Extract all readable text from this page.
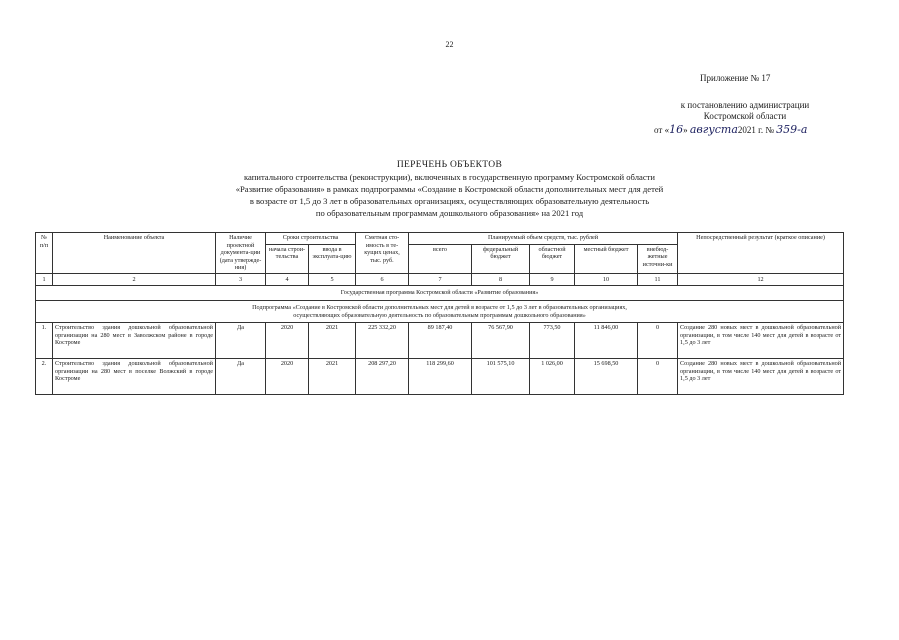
22
Приложение № 17
к постановлению администрации
Костромской области
от «16» августа2021 г. № 359-а
ПЕРЕЧЕНЬ ОБЪЕКТОВ
капитального строительства (реконструкции), включенных в государственную программу Костромской области
«Развитие образования» в рамках подпрограммы «Создание в Костромской области дополнительных мест для детей
в возрасте от 1,5 до 3 лет в образовательных организациях, осуществляющих образовательную деятельность
по образовательным программам дошкольного образования» на 2021 год
№ п/п	Наименование объекта	Наличие проектной документа-ции (дата утвержде-ния)	Сроки строительства		Сметная сто-имость в те-кущих ценах, тыс. руб.	Планируемый объем средств, тыс. рублей					Непосредственный результат (краткое описание)
			начала строи-тельства	ввода в эксплуата-цию		всего	федеральный бюджет	областной бюджет	местный бюджет	внебюд-жетные источни-ки	
1	2	3	4	5	6	7	8	9	10	11	12
Государственная программа Костромской области «Развитие образования»											

Подпрограмма «Создание в Костромской области дополнительных мест для детей в возрасте от 1,5 до 3 лет в образовательных организациях,
осуществляющих образовательную деятельность по образовательным программам дошкольного образования»											

1.	Строительство здания дошкольной образовательной организации на 280 мест в Заволжском районе в городе Костроме	Да	2020	2021	225 332,20	89 187,40	76 567,90	773,50	11 846,00	0	Создание 280 новых мест в дошкольной образовательной организации, в том числе 140 мест для детей в возрасте от 1,5 до 3 лет
2.	Строительство здания дошкольной образовательной организации на 280 мест в поселке Волжский в городе Костроме	Да	2020	2021	208 297,20	118 299,60	101 575,10	1 026,00	15 698,50	0	Создание 280 новых мест в дошкольной образовательной организации, в том числе 140 мест для детей в возрасте от 1,5 до 3 лет
